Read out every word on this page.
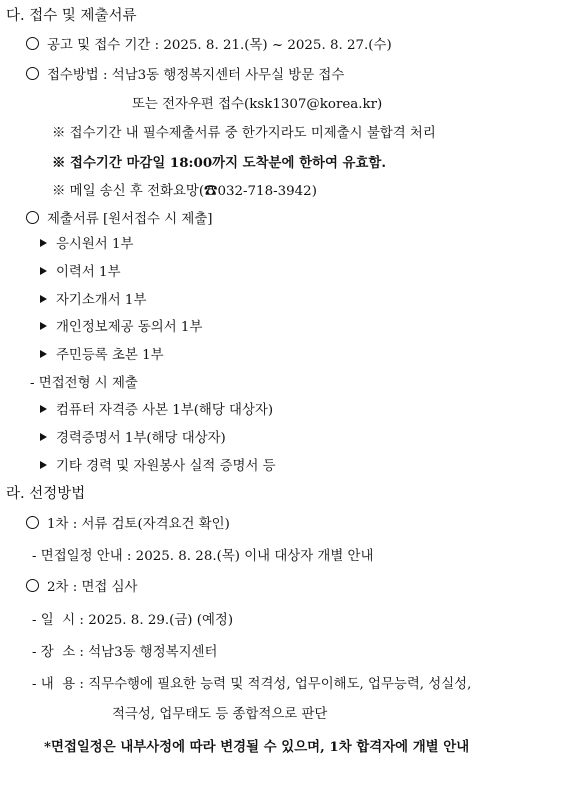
다. 접수 및 제출서류
공고 및 접수 기간 : 2025. 8. 21.(목) ~ 2025. 8. 27.(수)
접수방법 : 석남3동 행정복지센터 사무실 방문 접수
또는 전자우편 접수(ksk1307@korea.kr)
※ 접수기간 내 필수제출서류 중 한가지라도 미제출시 불합격 처리
※ 접수기간 마감일 18:00까지 도착분에 한하여 유효함.
※ 메일 송신 후 전화요망(☎032-718-3942)
제출서류 [원서접수 시 제출]
응시원서 1부
이력서 1부
자기소개서 1부
개인정보제공 동의서 1부
주민등록 초본 1부
- 면접전형 시 제출
컴퓨터 자격증 사본 1부(해당 대상자)
경력증명서 1부(해당 대상자)
기타 경력 및 자원봉사 실적 증명서 등
라. 선정방법
1차 : 서류 검토(자격요건 확인)
- 면접일정 안내 : 2025. 8. 28.(목) 이내 대상자 개별 안내
2차 : 면접 심사
- 일  시 : 2025. 8. 29.(금) (예정)
- 장  소 : 석남3동 행정복지센터
- 내  용 : 직무수행에 필요한 능력 및 적격성, 업무이해도, 업무능력, 성실성,
적극성, 업무태도 등 종합적으로 판단
*면접일정은 내부사정에 따라 변경될 수 있으며, 1차 합격자에 개별 안내
